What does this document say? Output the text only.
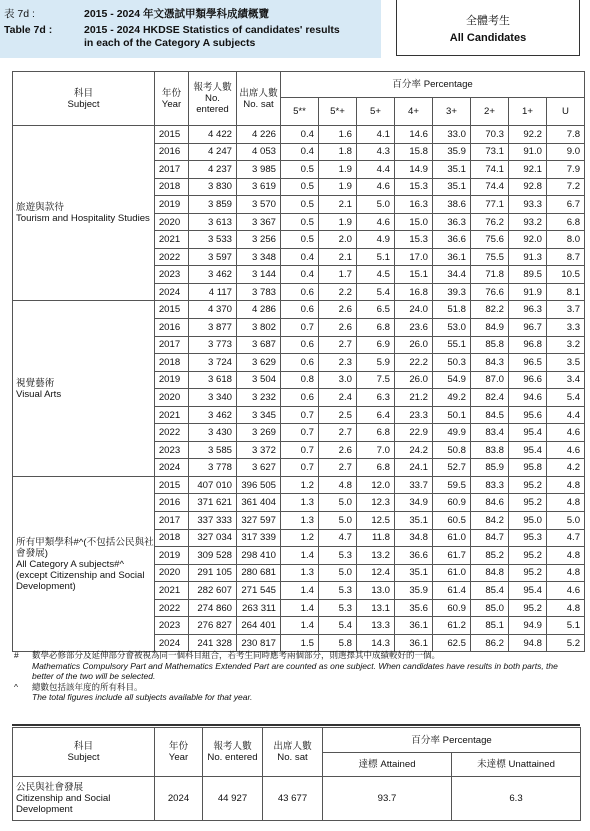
表 7d :	2015 - 2024 年文憑試甲類學科成績概覽
Table 7d :	2015 - 2024 HKDSE Statistics of candidates' results
in each of the Category A subjects
全體考生
All Candidates
科目
Subject	年份
Year	報考人數
No. entered	出席人數
No. sat	百分率 Percentage							
				5**	5*+	5+	4+	3+	2+	1+	U

旅遊與款待
Tourism and Hospitality Studies	2015	4 422	4 226	0.4	1.6	4.1	14.6	33.0	70.3	92.2	7.8
	2016	4 247	4 053	0.4	1.8	4.3	15.8	35.9	73.1	91.0	9.0
	2017	4 237	3 985	0.5	1.9	4.4	14.9	35.1	74.1	92.1	7.9
	2018	3 830	3 619	0.5	1.9	4.6	15.3	35.1	74.4	92.8	7.2
	2019	3 859	3 570	0.5	2.1	5.0	16.3	38.6	77.1	93.3	6.7
	2020	3 613	3 367	0.5	1.9	4.6	15.0	36.3	76.2	93.2	6.8
	2021	3 533	3 256	0.5	2.0	4.9	15.3	36.6	75.6	92.0	8.0
	2022	3 597	3 348	0.4	2.1	5.1	17.0	36.1	75.5	91.3	8.7
	2023	3 462	3 144	0.4	1.7	4.5	15.1	34.4	71.8	89.5	10.5
	2024	4 117	3 783	0.6	2.2	5.4	16.8	39.3	76.6	91.9	8.1

視覺藝術
Visual Arts	2015	4 370	4 286	0.6	2.6	6.5	24.0	51.8	82.2	96.3	3.7
	2016	3 877	3 802	0.7	2.6	6.8	23.6	53.0	84.9	96.7	3.3
	2017	3 773	3 687	0.6	2.7	6.9	26.0	55.1	85.8	96.8	3.2
	2018	3 724	3 629	0.6	2.3	5.9	22.2	50.3	84.3	96.5	3.5
	2019	3 618	3 504	0.8	3.0	7.5	26.0	54.9	87.0	96.6	3.4
	2020	3 340	3 232	0.6	2.4	6.3	21.2	49.2	82.4	94.6	5.4
	2021	3 462	3 345	0.7	2.5	6.4	23.3	50.1	84.5	95.6	4.4
	2022	3 430	3 269	0.7	2.7	6.8	22.9	49.9	83.4	95.4	4.6
	2023	3 585	3 372	0.7	2.6	7.0	24.2	50.8	83.8	95.4	4.6
	2024	3 778	3 627	0.7	2.7	6.8	24.1	52.7	85.9	95.8	4.2

所有甲類學科#^(不包括公民與社會發展)
All Category A subjects#^ (except Citizenship and Social Development)	2015	407 010	396 505	1.2	4.8	12.0	33.7	59.5	83.3	95.2	4.8
	2016	371 621	361 404	1.3	5.0	12.3	34.9	60.9	84.6	95.2	4.8
	2017	337 333	327 597	1.3	5.0	12.5	35.1	60.5	84.2	95.0	5.0
	2018	327 034	317 339	1.2	4.7	11.8	34.8	61.0	84.7	95.3	4.7
	2019	309 528	298 410	1.4	5.3	13.2	36.6	61.7	85.2	95.2	4.8
	2020	291 105	280 681	1.3	5.0	12.4	35.1	61.0	84.8	95.2	4.8
	2021	282 607	271 545	1.4	5.3	13.0	35.9	61.4	85.4	95.4	4.6
	2022	274 860	263 311	1.4	5.3	13.1	35.6	60.9	85.0	95.2	4.8
	2023	276 827	264 401	1.4	5.4	13.3	36.1	61.2	85.1	94.9	5.1
	2024	241 328	230 817	1.5	5.8	14.3	36.1	62.5	86.2	94.8	5.2
# 數學必修部分及延伸部分會被視為同一個科目組合，若考生同時應考兩個部分，則選擇其中成績較好的一個。
Mathematics Compulsory Part and Mathematics Extended Part are counted as one subject. When candidates have results in both parts, the better of the two will be selected.
^ 總數包括該年度的所有科目。
The total figures include all subjects available for that year.
科目
Subject	年份
Year	報考人數
No. entered	出席人數
No. sat	百分率 Percentage	
				達標 Attained	未達標 Unattained
公民與社會發展
Citizenship and Social Development	2024	44 927	43 677	93.7	6.3
